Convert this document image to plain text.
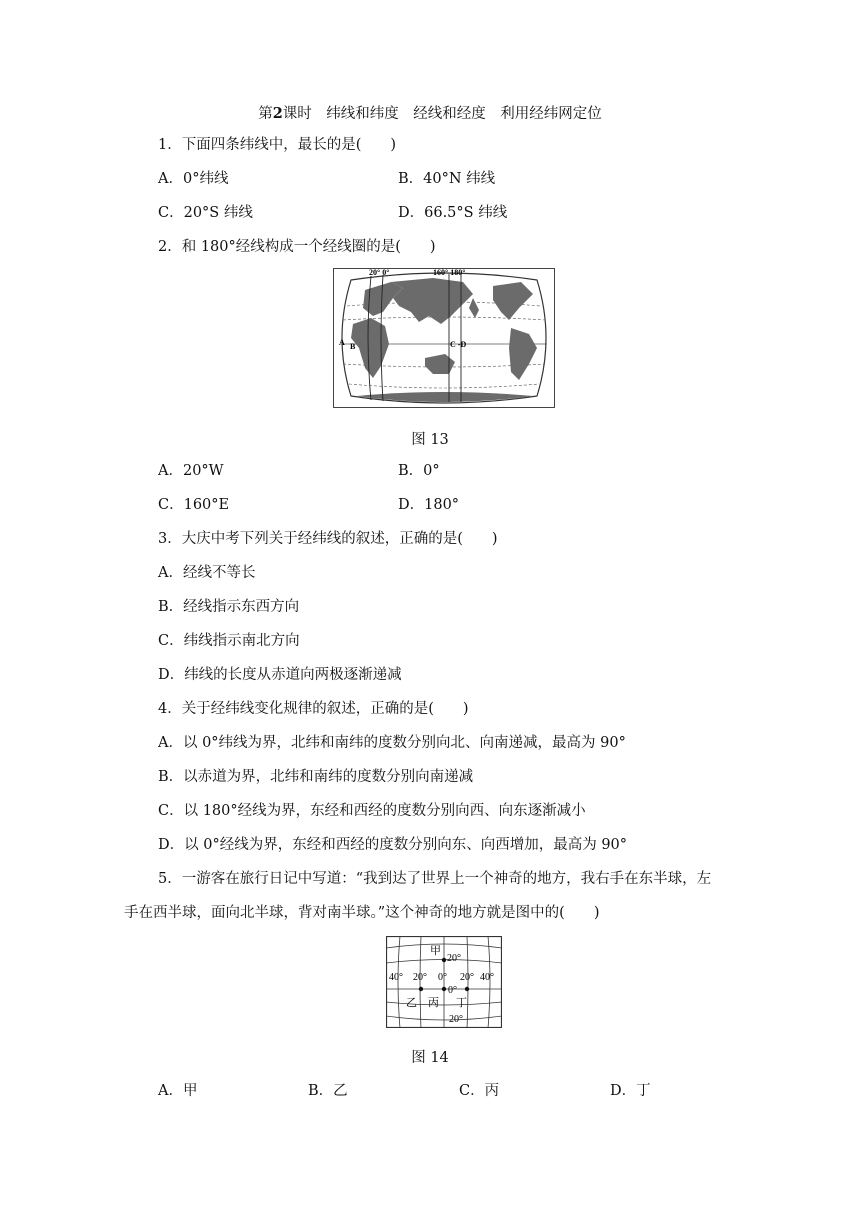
第2课时　纬线和纬度　经线和经度　利用经纬网定位
1．下面四条纬线中，最长的是(　　)
A．0°纬线	B．40°N 纬线
C．20°S 纬线	D．66.5°S 纬线
2．和 180°经线构成一个经线圈的是(　　)
20° 0°	160° 180°
A B	C -D
图 13
A．20°W	B．0°
C．160°E	D．180°
3．大庆中考下列关于经纬线的叙述，正确的是(　　)
A．经线不等长
B．经线指示东西方向
C．纬线指示南北方向
D．纬线的长度从赤道向两极逐渐递减
4．关于经纬线变化规律的叙述，正确的是(　　)
A．以 0°纬线为界，北纬和南纬的度数分别向北、向南递减，最高为 90°
B．以赤道为界，北纬和南纬的度数分别向南递减
C．以 180°经线为界，东经和西经的度数分别向西、向东逐渐减小
D．以 0°经线为界，东经和西经的度数分别向东、向西增加，最高为 90°
5．一游客在旅行日记中写道：“我到达了世界上一个神奇的地方，我右手在东半球，左
手在西半球，面向北半球，背对南半球。”这个神奇的地方就是图中的(　　)
甲
20°
40° 20° 0° 20° 40°
0°
乙 丙 丁
20°
图 14
A．甲	B．乙	C．丙	D．丁
